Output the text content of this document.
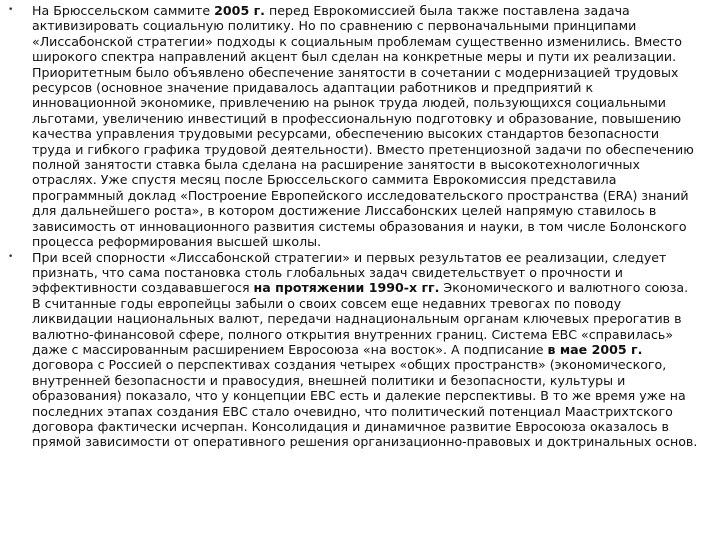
• На Брюссельском саммите 2005 г. перед Еврокомиссией была также поставлена задача активизировать социальную политику. Но по сравнению с первоначальными принципами «Лиссабонской стратегии» подходы к социальным проблемам существенно изменились. Вместо широкого спектра направлений акцент был сделан на конкретные меры и пути их реализации. Приоритетным было объявлено обеспечение занятости в сочетании с модернизацией трудовых ресурсов (основное значение придавалось адаптации работников и предприятий к инновационной экономике, привлечению на рынок труда людей, пользующихся социальными льготами, увеличению инвестиций в профессиональную подготовку и образование, повышению качества управления трудовыми ресурсами, обеспечению высоких стандартов безопасности труда и гибкого графика трудовой деятельности). Вместо претенциозной задачи по обеспечению полной занятости ставка была сделана на расширение занятости в высокотехнологичных отраслях. Уже спустя месяц после Брюссельского саммита Еврокомиссия представила программный доклад «Построение Европейского исследовательского пространства (ERA) знаний для дальнейшего роста», в котором достижение Лиссабонских целей напрямую ставилось в зависимость от инновационного развития системы образования и науки, в том числе Болонского процесса реформирования высшей школы.
• При всей спорности «Лиссабонской стратегии» и первых результатов ее реализации, следует признать, что сама постановка столь глобальных задач свидетельствует о прочности и эффективности создававшегося на протяжении 1990-х гг. Экономического и валютного союза. В считанные годы европейцы забыли о своих совсем еще недавних тревогах по поводу ликвидации национальных валют, передачи наднациональным органам ключевых прерогатив в валютно-финансовой сфере, полного открытия внутренних границ. Система ЕВС «справилась» даже с массированным расширением Евросоюза «на восток». А подписание в мае 2005 г. договора с Россией о перспективах создания четырех «общих пространств» (экономического, внутренней безопасности и правосудия, внешней политики и безопасности, культуры и образования) показало, что у концепции ЕВС есть и далекие перспективы. В то же время уже на последних этапах создания ЕВС стало очевидно, что политический потенциал Маастрихтского договора фактически исчерпан. Консолидация и динамичное развитие Евросоюза оказалось в прямой зависимости от оперативного решения организационно-правовых и доктринальных основ.
